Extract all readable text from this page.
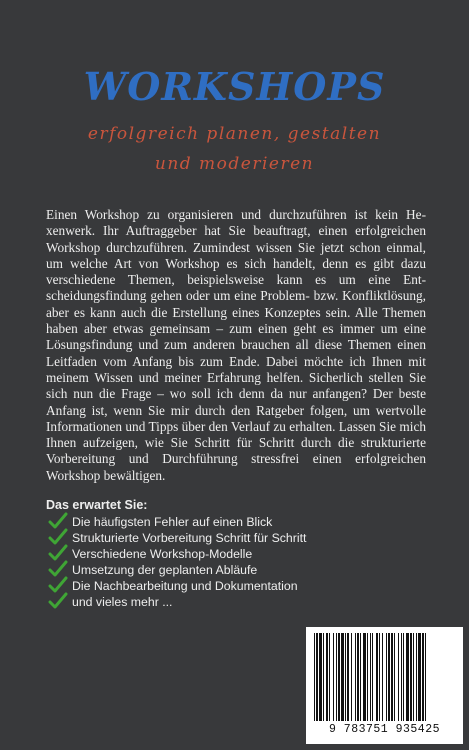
WORKSHOPS

erfolgreich planen, gestalten

und moderieren

Einen Workshop zu organisieren und durchzuführen ist kein Hexenwerk. Ihr Auftraggeber hat Sie beauftragt, einen erfolgreichen Workshop durchzuführen. Zumindest wissen Sie jetzt schon einmal, um welche Art von Workshop es sich handelt, denn es gibt dazu verschiedene Themen, beispielsweise kann es um eine Entscheidungsfindung gehen oder um eine Problem- bzw. Konfliktlösung, aber es kann auch die Erstellung eines Konzeptes sein. Alle Themen haben aber etwas gemeinsam – zum einen geht es immer um eine Lösungsfindung und zum anderen brauchen all diese Themen einen Leitfaden vom Anfang bis zum Ende. Dabei möchte ich Ihnen mit meinem Wissen und meiner Erfahrung helfen. Sicherlich stellen Sie sich nun die Frage – wo soll ich denn da nur anfangen? Der beste Anfang ist, wenn Sie mir durch den Ratgeber folgen, um wertvolle Informationen und Tipps über den Verlauf zu erhalten. Lassen Sie mich Ihnen aufzeigen, wie Sie Schritt für Schritt durch die strukturierte Vorbereitung und Durchführung stressfrei einen erfolgreichen Workshop bewältigen.

Das erwartet Sie:

Die häufigsten Fehler auf einen Blick
Strukturierte Vorbereitung Schritt für Schritt
Verschiedene Workshop-Modelle
Umsetzung der geplanten Abläufe
Die Nachbearbeitung und Dokumentation
und vieles mehr ...
9 783751 935425
